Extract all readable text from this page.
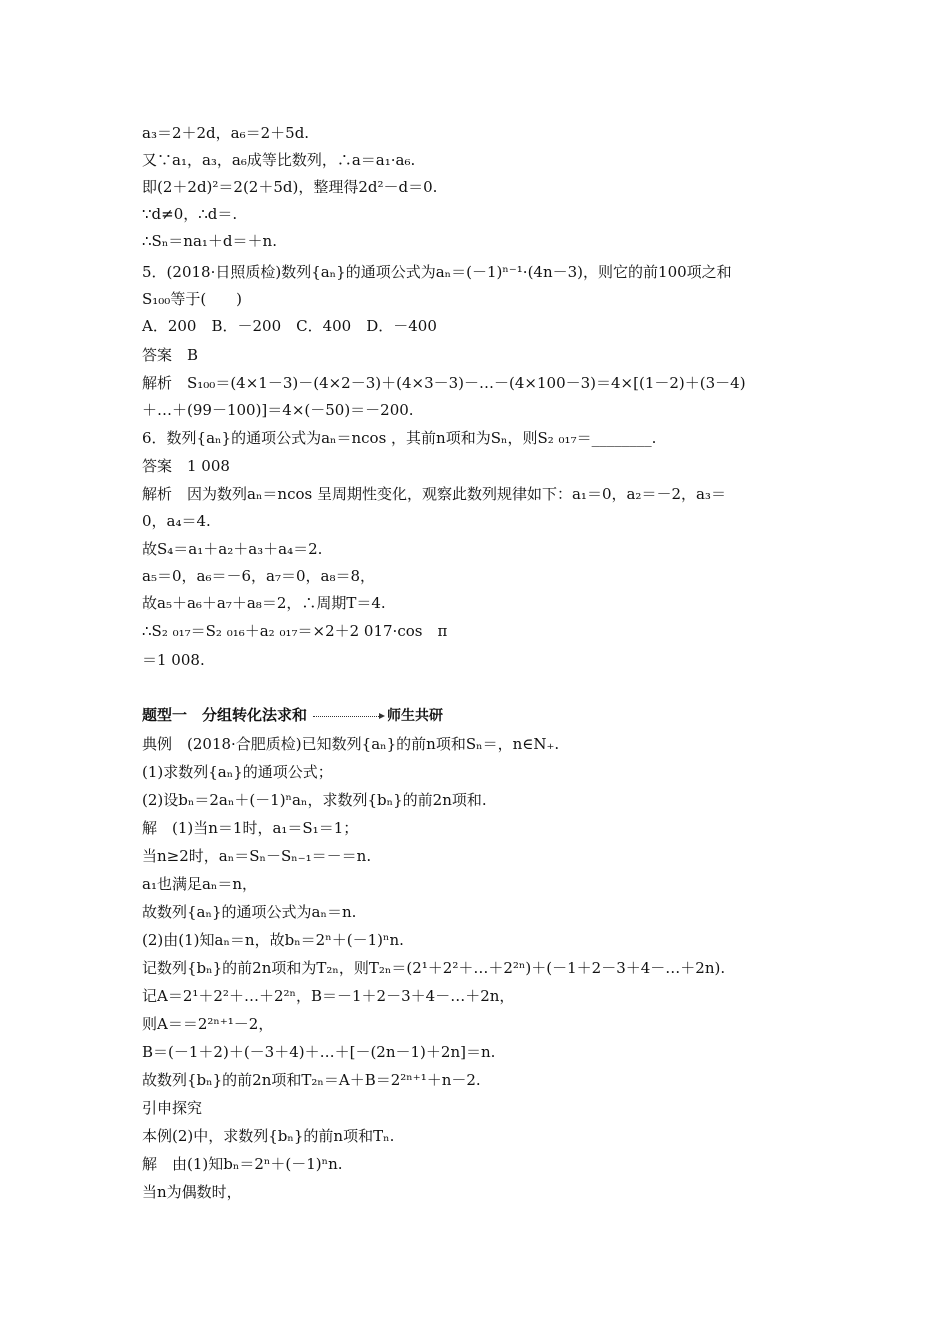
a₃＝2＋2d，a₆＝2＋5d.
又∵a₁，a₃，a₆成等比数列，∴a＝a₁·a₆.
即(2＋2d)²＝2(2＋5d)，整理得2d²－d＝0.
∵d≠0，∴d＝.
∴Sₙ＝na₁＋d＝＋n.
5．(2018·日照质检)数列{aₙ}的通项公式为aₙ＝(－1)ⁿ⁻¹·(4n－3)，则它的前100项之和
S₁₀₀等于(　　)
A．200　B．－200　C．400　D．－400
答案　B
解析　S₁₀₀＝(4×1－3)－(4×2－3)＋(4×3－3)－…－(4×100－3)＝4×[(1－2)＋(3－4)
＋…＋(99－100)]＝4×(－50)＝－200.
6．数列{aₙ}的通项公式为aₙ＝ncos ，其前n项和为Sₙ，则S₂ ₀₁₇＝________.
答案　1 008
解析　因为数列aₙ＝ncos 呈周期性变化，观察此数列规律如下：a₁＝0，a₂＝－2，a₃＝
0，a₄＝4.
故S₄＝a₁＋a₂＋a₃＋a₄＝2.
a₅＝0，a₆＝－6，a₇＝0，a₈＝8，
故a₅＋a₆＋a₇＋a₈＝2，∴周期T＝4.
∴S₂ ₀₁₇＝S₂ ₀₁₆＋a₂ ₀₁₇＝×2＋2 017·cos　π
＝1 008.
题型一　分组转化法求和	师生共研
典例　(2018·合肥质检)已知数列{aₙ}的前n项和Sₙ＝，n∈N₊.
(1)求数列{aₙ}的通项公式；
(2)设bₙ＝2aₙ＋(－1)ⁿaₙ，求数列{bₙ}的前2n项和.
解　(1)当n＝1时，a₁＝S₁＝1；
当n≥2时，aₙ＝Sₙ－Sₙ₋₁＝－＝n.
a₁也满足aₙ＝n，
故数列{aₙ}的通项公式为aₙ＝n.
(2)由(1)知aₙ＝n，故bₙ＝2ⁿ＋(－1)ⁿn.
记数列{bₙ}的前2n项和为T₂ₙ，则T₂ₙ＝(2¹＋2²＋…＋2²ⁿ)＋(－1＋2－3＋4－…＋2n).
记A＝2¹＋2²＋…＋2²ⁿ，B＝－1＋2－3＋4－…＋2n，
则A＝＝2²ⁿ⁺¹－2，
B＝(－1＋2)＋(－3＋4)＋…＋[－(2n－1)＋2n]＝n.
故数列{bₙ}的前2n项和T₂ₙ＝A＋B＝2²ⁿ⁺¹＋n－2.
引申探究
本例(2)中，求数列{bₙ}的前n项和Tₙ.
解　由(1)知bₙ＝2ⁿ＋(－1)ⁿn.
当n为偶数时，
